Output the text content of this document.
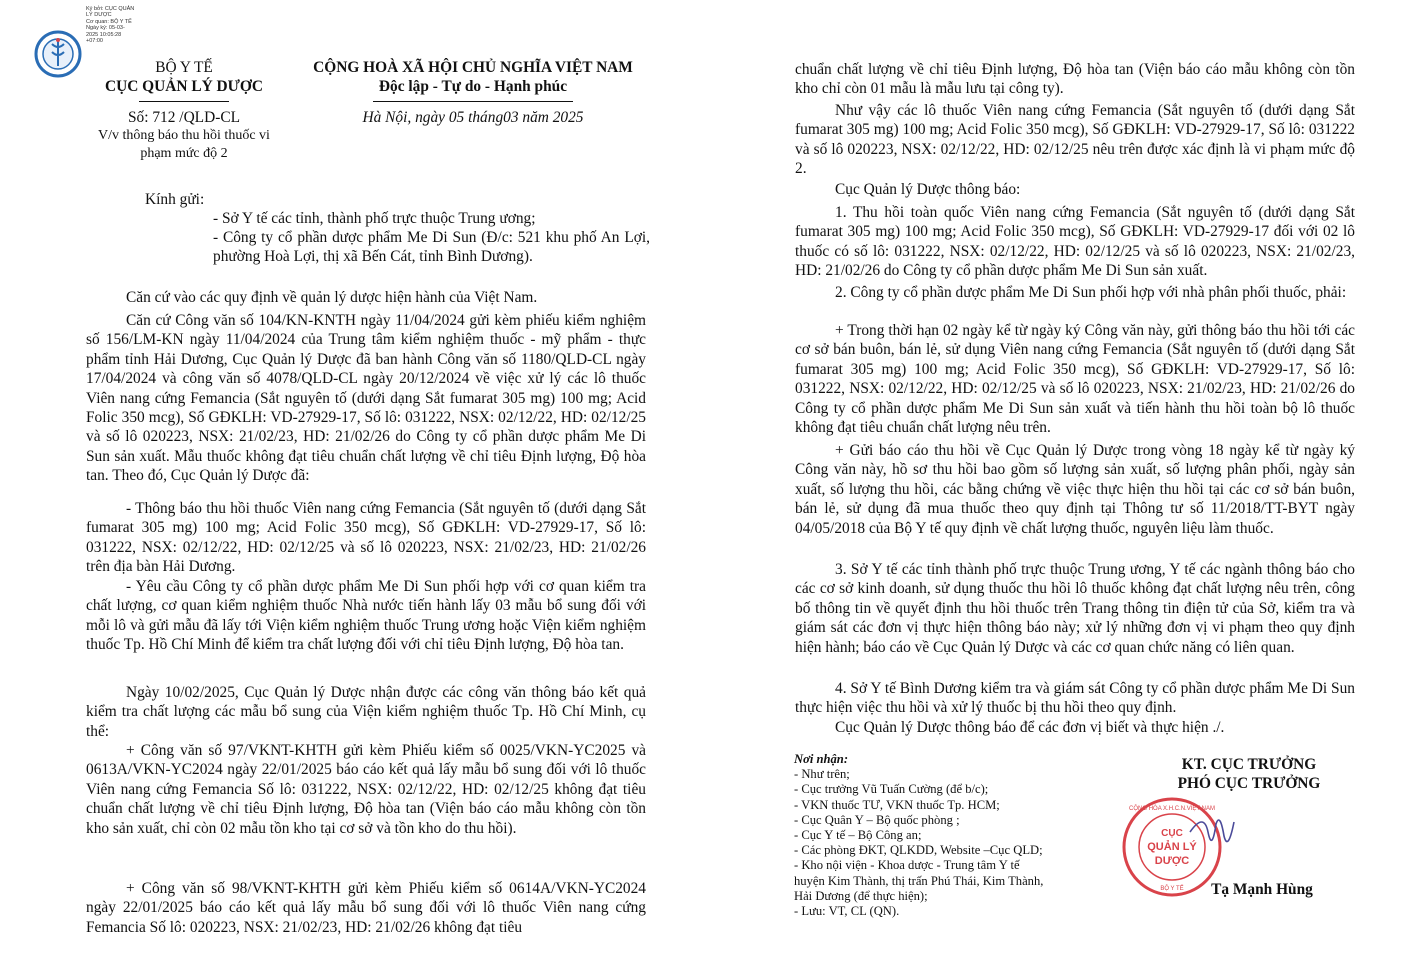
Ký bởi: CỤC QUẢN
LÝ DƯỢC
Cơ quan: BỘ Y TẾ
Ngày ký: 05-03-
2025 10:05:28
+07:00
BỘ Y TẾ
CỤC QUẢN LÝ DƯỢC
Số: 712 /QLD-CL
V/v thông báo thu hồi thuốc vi phạm mức độ 2
CỘNG HOÀ XÃ HỘI CHỦ NGHĨA VIỆT NAM
Độc lập - Tự do - Hạnh phúc
Hà Nội, ngày 05 tháng03 năm 2025
Kính gửi:
- Sở Y tế các tỉnh, thành phố trực thuộc Trung ương;
- Công ty cổ phần dược phẩm Me Di Sun (Đ/c: 521 khu phố An Lợi, phường Hoà Lợi, thị xã Bến Cát, tỉnh Bình Dương).
Căn cứ vào các quy định về quản lý dược hiện hành của Việt Nam.
Căn cứ Công văn số 104/KN-KNTH ngày 11/04/2024 gửi kèm phiếu kiểm nghiệm số 156/LM-KN ngày 11/04/2024 của Trung tâm kiểm nghiệm thuốc - mỹ phẩm - thực phẩm tỉnh Hải Dương, Cục Quản lý Dược đã ban hành Công văn số 1180/QLD-CL ngày 17/04/2024 và công văn số 4078/QLD-CL ngày 20/12/2024 về việc xử lý các lô thuốc Viên nang cứng Femancia (Sắt nguyên tố (dưới dạng Sắt fumarat 305 mg) 100 mg; Acid Folic 350 mcg), Số GĐKLH: VD-27929-17, Số lô: 031222, NSX: 02/12/22, HD: 02/12/25 và số lô 020223, NSX: 21/02/23, HD: 21/02/26 do Công ty cổ phần dược phẩm Me Di Sun sản xuất. Mẫu thuốc không đạt tiêu chuẩn chất lượng về chỉ tiêu Định lượng, Độ hòa tan. Theo đó, Cục Quản lý Dược đã:
- Thông báo thu hồi thuốc Viên nang cứng Femancia (Sắt nguyên tố (dưới dạng Sắt fumarat 305 mg) 100 mg; Acid Folic 350 mcg), Số GĐKLH: VD-27929-17, Số lô: 031222, NSX: 02/12/22, HD: 02/12/25 và số lô 020223, NSX: 21/02/23, HD: 21/02/26 trên địa bàn Hải Dương.
- Yêu cầu Công ty cổ phần dược phẩm Me Di Sun phối hợp với cơ quan kiểm tra chất lượng, cơ quan kiểm nghiệm thuốc Nhà nước tiến hành lấy 03 mẫu bổ sung đối với mỗi lô và gửi mẫu đã lấy tới Viện kiểm nghiệm thuốc Trung ương hoặc Viện kiểm nghiệm thuốc Tp. Hồ Chí Minh để kiểm tra chất lượng đối với chỉ tiêu Định lượng, Độ hòa tan.
Ngày 10/02/2025, Cục Quản lý Dược nhận được các công văn thông báo kết quả kiểm tra chất lượng các mẫu bổ sung của Viện kiểm nghiệm thuốc Tp. Hồ Chí Minh, cụ thể:
+ Công văn số 97/VKNT-KHTH gửi kèm Phiếu kiểm số 0025/VKN-YC2025 và 0613A/VKN-YC2024 ngày 22/01/2025 báo cáo kết quả lấy mẫu bổ sung đối với lô thuốc Viên nang cứng Femancia Số lô: 031222, NSX: 02/12/22, HD: 02/12/25 không đạt tiêu chuẩn chất lượng về chỉ tiêu Định lượng, Độ hòa tan (Viện báo cáo mẫu không còn tồn kho sản xuất, chỉ còn 02 mẫu tồn kho tại cơ sở và tồn kho do thu hồi).
+ Công văn số 98/VKNT-KHTH gửi kèm Phiếu kiểm số 0614A/VKN-YC2024 ngày 22/01/2025 báo cáo kết quả lấy mẫu bổ sung đối với lô thuốc Viên nang cứng Femancia Số lô: 020223, NSX: 21/02/23, HD: 21/02/26 không đạt tiêu
chuẩn chất lượng về chỉ tiêu Định lượng, Độ hòa tan (Viện báo cáo mẫu không còn tồn kho chỉ còn 01 mẫu là mẫu lưu tại công ty).
Như vậy các lô thuốc Viên nang cứng Femancia (Sắt nguyên tố (dưới dạng Sắt fumarat 305 mg) 100 mg; Acid Folic 350 mcg), Số GĐKLH: VD-27929-17, Số lô: 031222 và số lô 020223, NSX: 02/12/22, HD: 02/12/25 nêu trên được xác định là vi phạm mức độ 2.
Cục Quản lý Dược thông báo:
1. Thu hồi toàn quốc Viên nang cứng Femancia (Sắt nguyên tố (dưới dạng Sắt fumarat 305 mg) 100 mg; Acid Folic 350 mcg), Số GĐKLH: VD-27929-17 đối với 02 lô thuốc có số lô: 031222, NSX: 02/12/22, HD: 02/12/25 và số lô 020223, NSX: 21/02/23, HD: 21/02/26 do Công ty cổ phần dược phẩm Me Di Sun sản xuất.
2. Công ty cổ phần dược phẩm Me Di Sun phối hợp với nhà phân phối thuốc, phải:
+ Trong thời hạn 02 ngày kể từ ngày ký Công văn này, gửi thông báo thu hồi tới các cơ sở bán buôn, bán lẻ, sử dụng Viên nang cứng Femancia (Sắt nguyên tố (dưới dạng Sắt fumarat 305 mg) 100 mg; Acid Folic 350 mcg), Số GĐKLH: VD-27929-17, Số lô: 031222, NSX: 02/12/22, HD: 02/12/25 và số lô 020223, NSX: 21/02/23, HD: 21/02/26 do Công ty cổ phần dược phẩm Me Di Sun sản xuất và tiến hành thu hồi toàn bộ lô thuốc không đạt tiêu chuẩn chất lượng nêu trên.
+ Gửi báo cáo thu hồi về Cục Quản lý Dược trong vòng 18 ngày kể từ ngày ký Công văn này, hồ sơ thu hồi bao gồm số lượng sản xuất, số lượng phân phối, ngày sản xuất, số lượng thu hồi, các bằng chứng về việc thực hiện thu hồi tại các cơ sở bán buôn, bán lẻ, sử dụng đã mua thuốc theo quy định tại Thông tư số 11/2018/TT-BYT ngày 04/05/2018 của Bộ Y tế quy định về chất lượng thuốc, nguyên liệu làm thuốc.
3. Sở Y tế các tỉnh thành phố trực thuộc Trung ương, Y tế các ngành thông báo cho các cơ sở kinh doanh, sử dụng thuốc thu hồi lô thuốc không đạt chất lượng nêu trên, công bố thông tin về quyết định thu hồi thuốc trên Trang thông tin điện tử của Sở, kiểm tra và giám sát các đơn vị thực hiện thông báo này; xử lý những đơn vị vi phạm theo quy định hiện hành; báo cáo về Cục Quản lý Dược và các cơ quan chức năng có liên quan.
4. Sở Y tế Bình Dương kiểm tra và giám sát Công ty cổ phần dược phẩm Me Di Sun thực hiện việc thu hồi và xử lý thuốc bị thu hồi theo quy định.
Cục Quản lý Dược thông báo để các đơn vị biết và thực hiện ./.
Nơi nhận:
- Như trên;
- Cục trưởng Vũ Tuấn Cường (để b/c);
- VKN thuốc TƯ, VKN thuốc Tp. HCM;
- Cục Quân Y – Bộ quốc phòng ;
- Cục Y tế – Bộ Công an;
- Các phòng ĐKT, QLKDD, Website –Cục QLD;
- Kho nội viện - Khoa dược - Trung tâm Y tế huyện Kim Thành, thị trấn Phú Thái, Kim Thành, Hải Dương (để thực hiện);
- Lưu: VT, CL (QN).
KT. CỤC TRƯỞNG
PHÓ CỤC TRƯỞNG
Tạ Mạnh Hùng
CỤC
QUẢN LÝ
DƯỢC
CỘNG HÒA X.H.C.N.VIỆT NAM
BỘ Y TẾ
